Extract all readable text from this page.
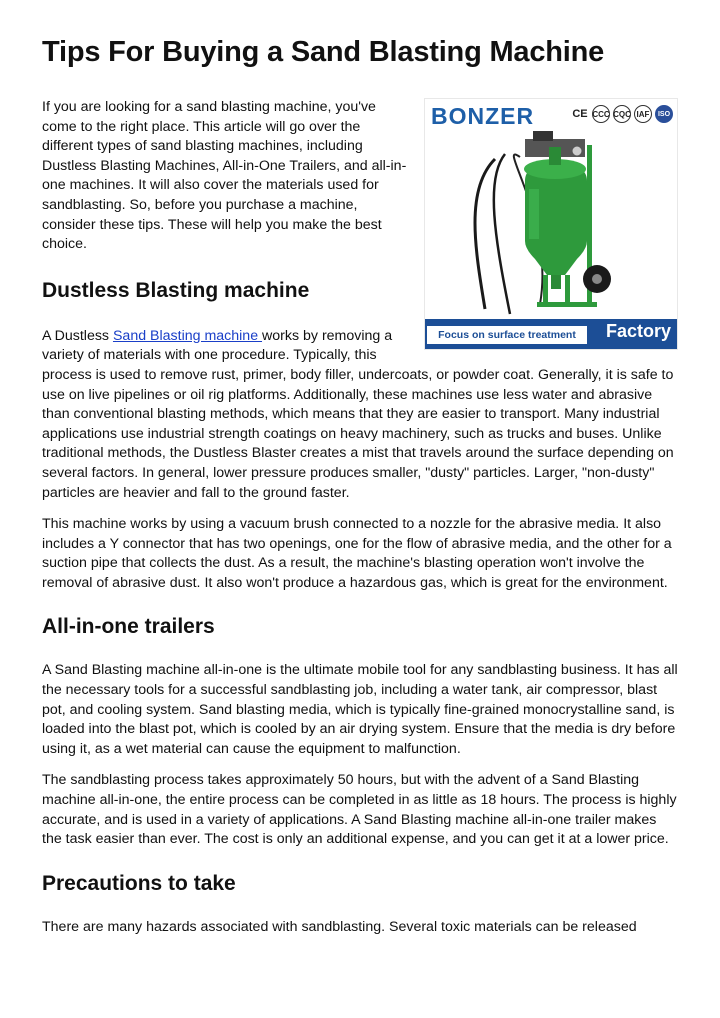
Tips For Buying a Sand Blasting Machine
BONZER	CE CCC CQC IAF	ISO
Focus on surface treatment	Factory

If you are looking for a sand blasting machine, you've come to the right place. This article will go over the different types of sand blasting machines, including Dustless Blasting Machines, All-in-One Trailers, and all-in-one machines. It will also cover the materials used for sandblasting. So, before you purchase a machine, consider these tips. These will help you make the best choice.

Dustless Blasting machine

A Dustless Sand Blasting machine works by removing a variety of materials with one procedure. Typically, this process is used to remove rust, primer, body filler, undercoats, or powder coat. Generally, it is safe to use on live pipelines or oil rig platforms. Additionally, these machines use less water and abrasive than conventional blasting methods, which means that they are easier to transport. Many industrial applications use industrial strength coatings on heavy machinery, such as trucks and buses. Unlike traditional methods, the Dustless Blaster creates a mist that travels around the surface depending on several factors. In general, lower pressure produces smaller, "dusty" particles. Larger, "non-dusty" particles are heavier and fall to the ground faster.

This machine works by using a vacuum brush connected to a nozzle for the abrasive media. It also includes a Y connector that has two openings, one for the flow of abrasive media, and the other for a suction pipe that collects the dust. As a result, the machine's blasting operation won't involve the removal of abrasive dust. It also won't produce a hazardous gas, which is great for the environment.

All-in-one trailers

A Sand Blasting machine all-in-one is the ultimate mobile tool for any sandblasting business. It has all the necessary tools for a successful sandblasting job, including a water tank, air compressor, blast pot, and cooling system. Sand blasting media, which is typically fine-grained monocrystalline sand, is loaded into the blast pot, which is cooled by an air drying system. Ensure that the media is dry before using it, as a wet material can cause the equipment to malfunction.

The sandblasting process takes approximately 50 hours, but with the advent of a Sand Blasting machine all-in-one, the entire process can be completed in as little as 18 hours. The process is highly accurate, and is used in a variety of applications. A Sand Blasting machine all-in-one trailer makes the task easier than ever. The cost is only an additional expense, and you can get it at a lower price.

Precautions to take

There are many hazards associated with sandblasting. Several toxic materials can be released
